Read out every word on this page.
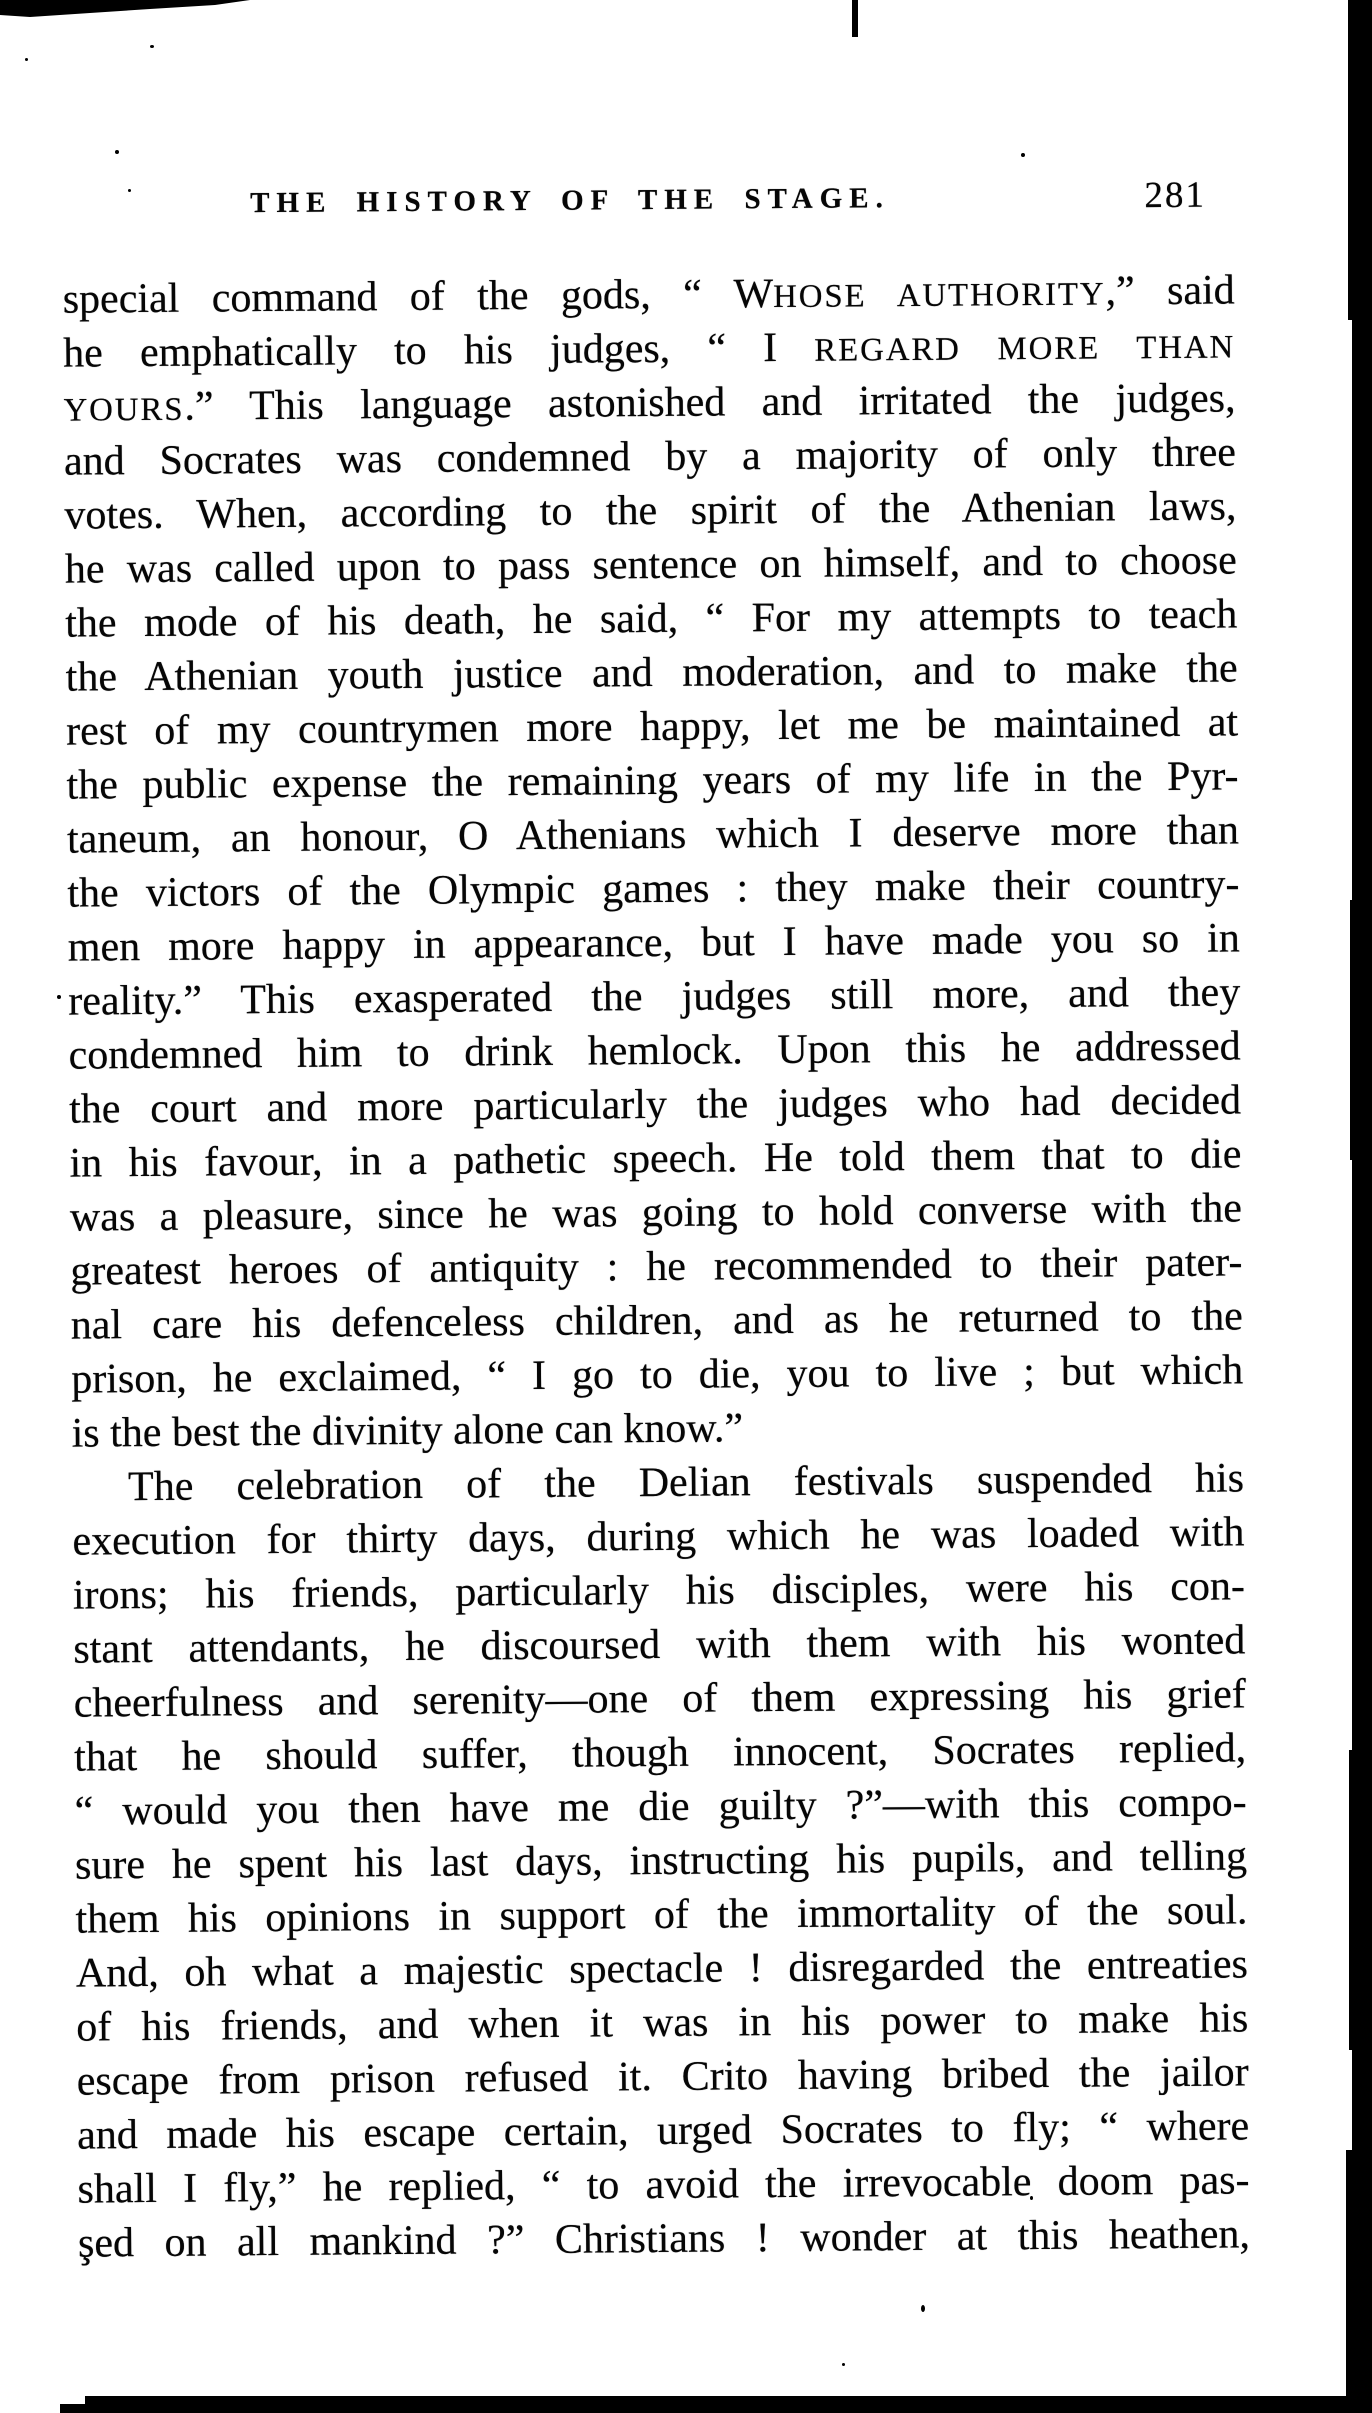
THE HISTORY OF THE STAGE.	281
special command of the gods, “ WHOSE AUTHORITY,” said
he emphatically to his judges, “ I REGARD MORE THAN
YOURS.” This language astonished and irritated the judges,
and Socrates was condemned by a majority of only three
votes. When, according to the spirit of the Athenian laws,
he was called upon to pass sentence on himself, and to choose
the mode of his death, he said, “ For my attempts to teach
the Athenian youth justice and moderation, and to make the
rest of my countrymen more happy, let me be maintained at
the public expense the remaining years of my life in the Pyr-
taneum, an honour, O Athenians which I deserve more than
the victors of the Olympic games : they make their country-
men more happy in appearance, but I have made you so in
reality.” This exasperated the judges still more, and they
condemned him to drink hemlock. Upon this he addressed
the court and more particularly the judges who had decided
in his favour, in a pathetic speech. He told them that to die
was a pleasure, since he was going to hold converse with the
greatest heroes of antiquity : he recommended to their pater-
nal care his defenceless children, and as he returned to the
prison, he exclaimed, “ I go to die, you to live ; but which
is the best the divinity alone can know.”
The celebration of the Delian festivals suspended his
execution for thirty days, during which he was loaded with
irons; his friends, particularly his disciples, were his con-
stant attendants, he discoursed with them with his wonted
cheerfulness and serenity—one of them expressing his grief
that he should suffer, though innocent, Socrates replied,
“ would you then have me die guilty ?”—with this compo-
sure he spent his last days, instructing his pupils, and telling
them his opinions in support of the immortality of the soul.
And, oh what a majestic spectacle ! disregarded the entreaties
of his friends, and when it was in his power to make his
escape from prison refused it. Crito having bribed the jailor
and made his escape certain, urged Socrates to fly; “ where
shall I fly,” he replied, “ to avoid the irrevocable doom pas-
şed on all mankind ?” Christians ! wonder at this heathen,
